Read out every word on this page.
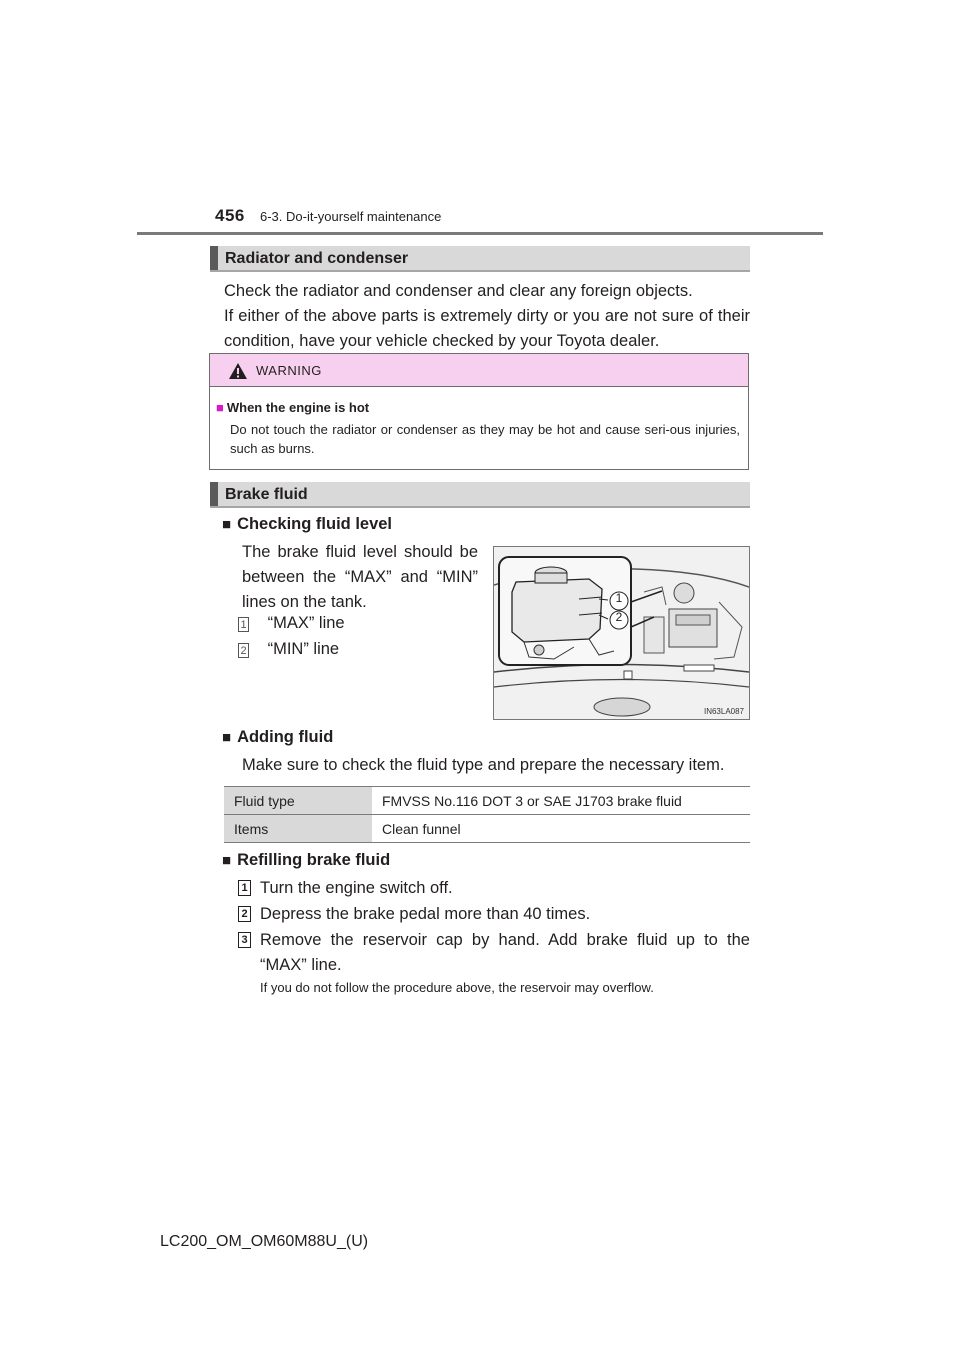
456 6-3. Do-it-yourself maintenance
Radiator and condenser
Check the radiator and condenser and clear any foreign objects.
If either of the above parts is extremely dirty or you are not sure of their condition, have your vehicle checked by your Toyota dealer.
WARNING
■ When the engine is hot
Do not touch the radiator or condenser as they may be hot and cause seri-ous injuries, such as burns.
Brake fluid
■ Checking fluid level
The brake fluid level should be between the “MAX” and “MIN” lines on the tank.
1 “MAX” line
2 “MIN” line
1
2
IN63LA087
■ Adding fluid
Make sure to check the fluid type and prepare the necessary item.
Fluid type	FMVSS No.116 DOT 3 or SAE J1703 brake fluid
Items	Clean funnel
■ Refilling brake fluid
1 Turn the engine switch off.
2 Depress the brake pedal more than 40 times.
3 Remove the reservoir cap by hand. Add brake fluid up to the “MAX” line.
If you do not follow the procedure above, the reservoir may overflow.
LC200_OM_OM60M88U_(U)
